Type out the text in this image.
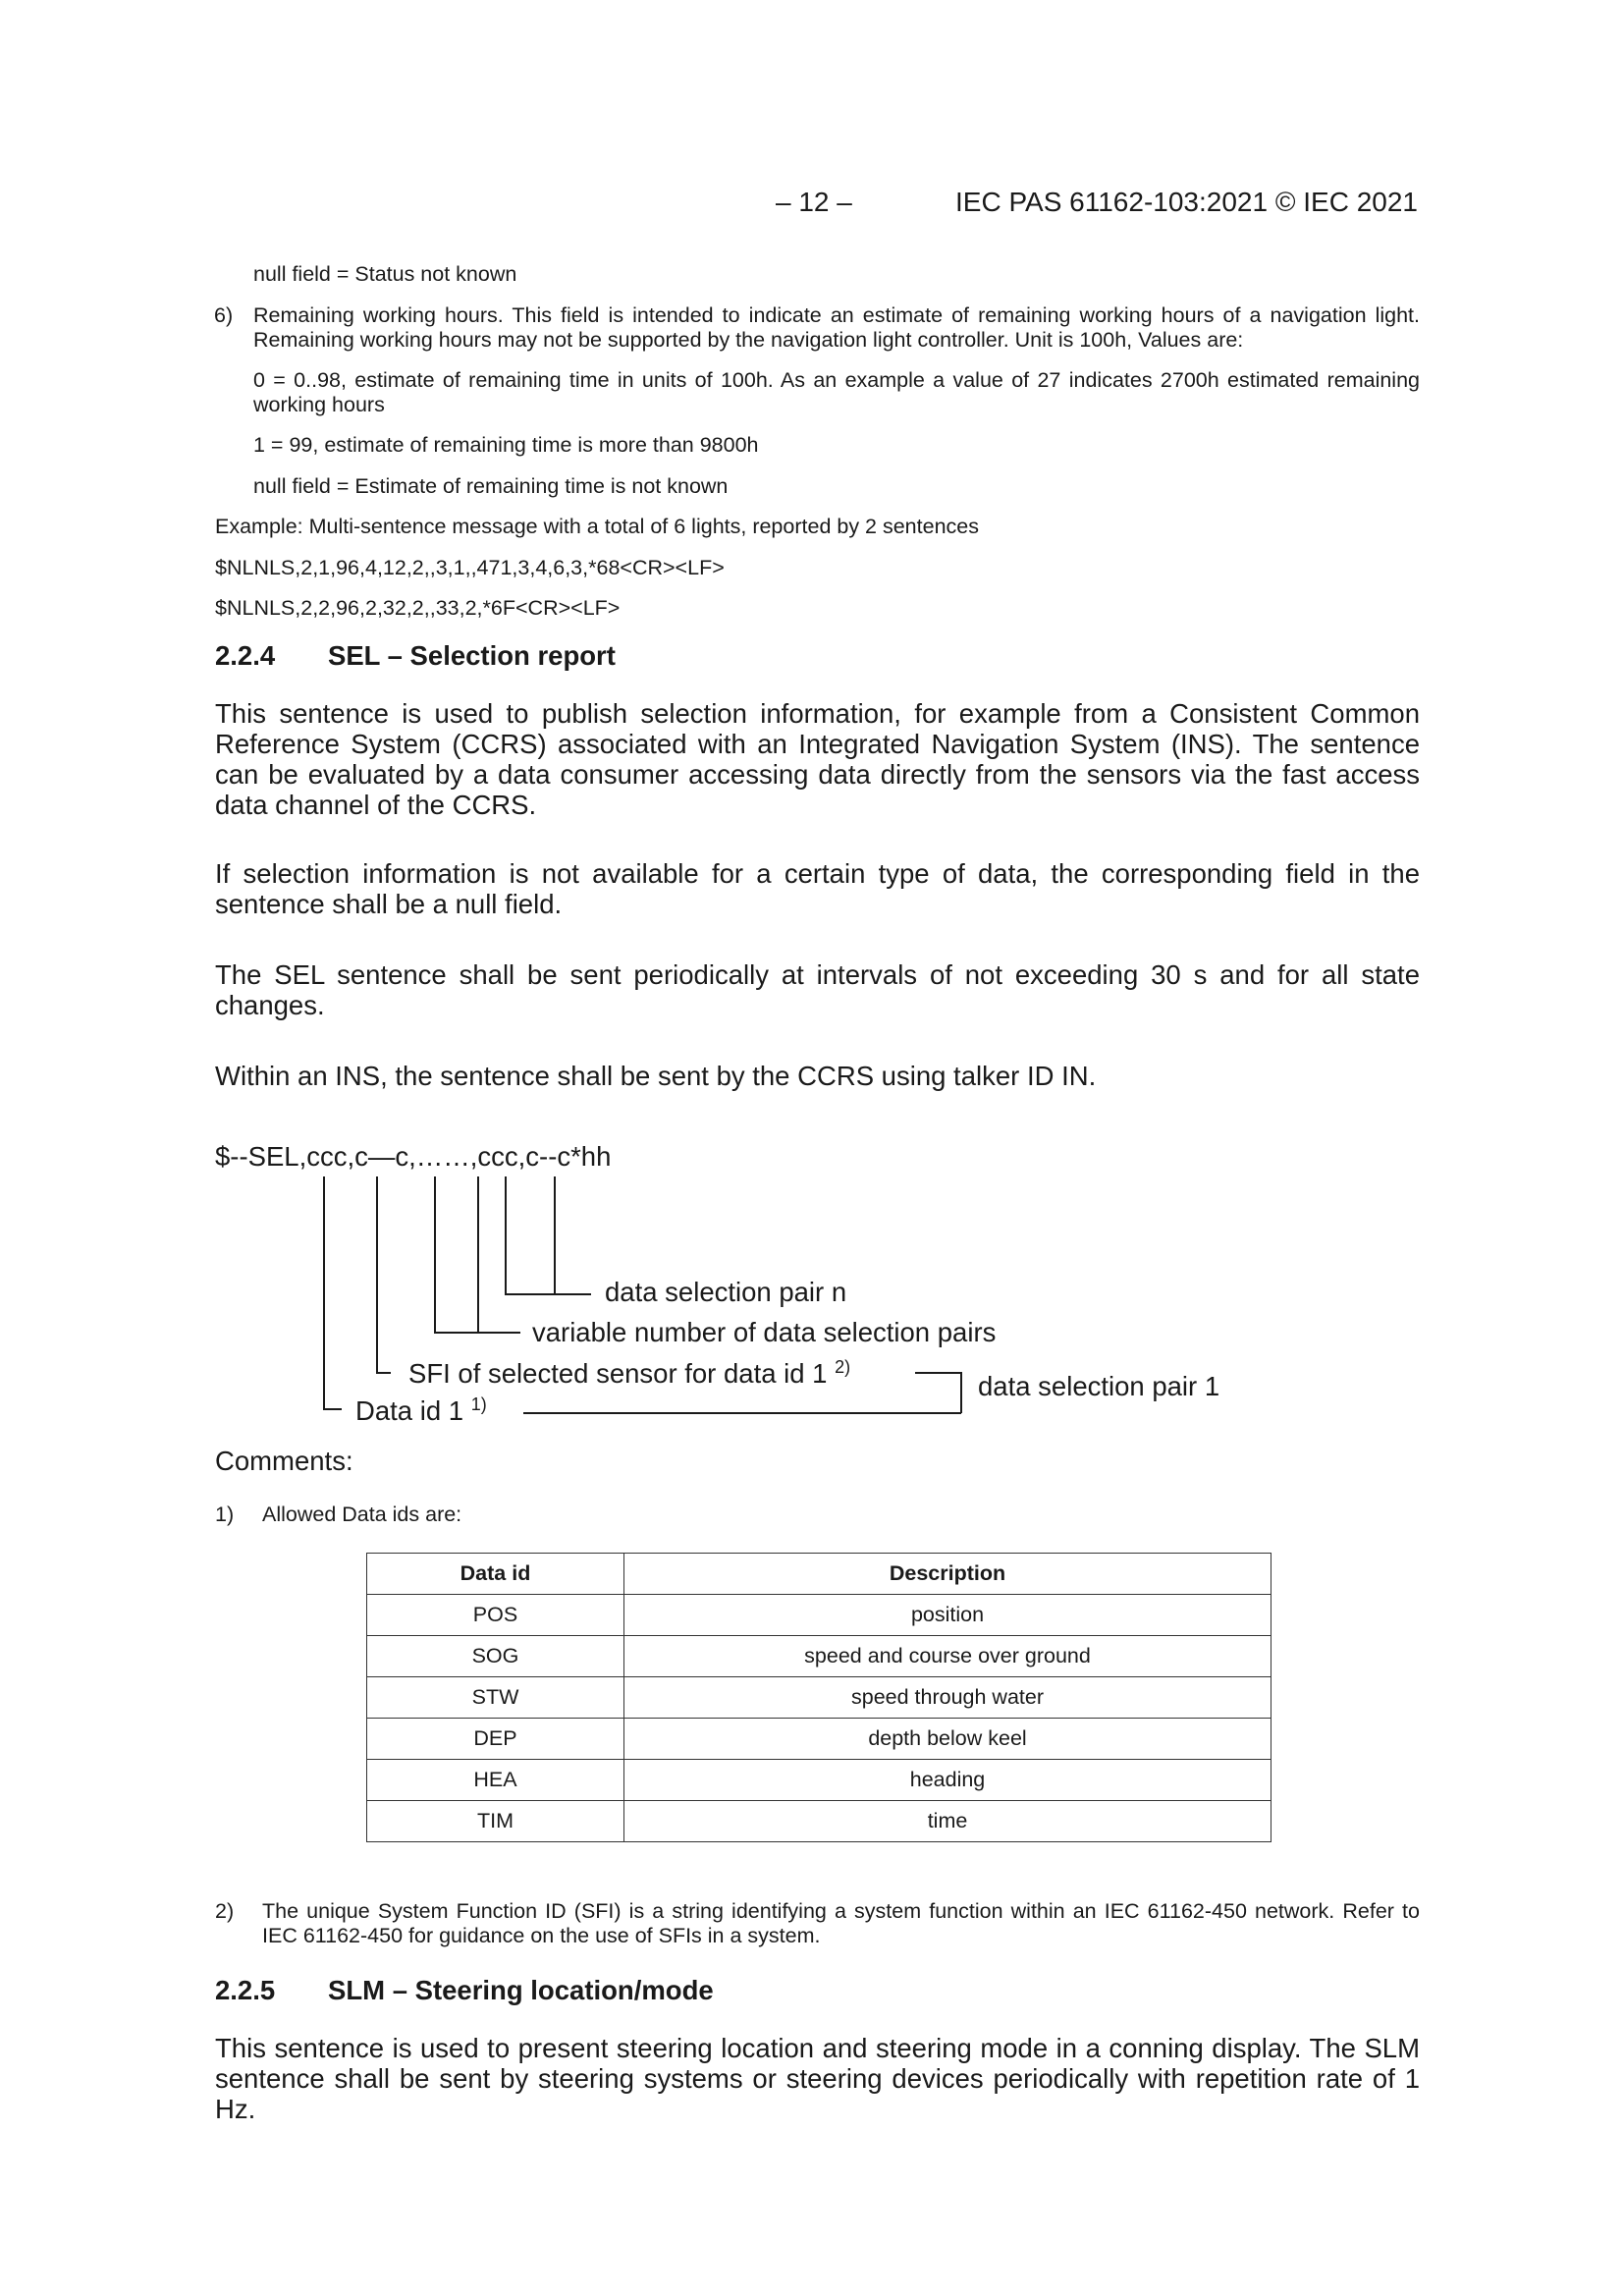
– 12 –	IEC PAS 61162-103:2021 © IEC 2021
null field = Status not known
6) Remaining working hours. This field is intended to indicate an estimate of remaining working hours of a navigation light. Remaining working hours may not be supported by the navigation light controller. Unit is 100h, Values are:
0 = 0..98, estimate of remaining time in units of 100h. As an example a value of 27 indicates 2700h estimated remaining working hours
1 = 99, estimate of remaining time is more than 9800h
null field = Estimate of remaining time is not known
Example: Multi-sentence message with a total of 6 lights, reported by 2 sentences
$NLNLS,2,1,96,4,12,2,,3,1,,471,3,4,6,3,*68<CR><LF>
$NLNLS,2,2,96,2,32,2,,33,2,*6F<CR><LF>
2.2.4 SEL – Selection report
This sentence is used to publish selection information, for example from a Consistent Common Reference System (CCRS) associated with an Integrated Navigation System (INS). The sentence can be evaluated by a data consumer accessing data directly from the sensors via the fast access data channel of the CCRS.
If selection information is not available for a certain type of data, the corresponding field in the sentence shall be a null field.
The SEL sentence shall be sent periodically at intervals of not exceeding 30 s and for all state changes.
Within an INS, the sentence shall be sent by the CCRS using talker ID IN.
$--SEL,ccc,c—c,……,ccc,c--c*hh
data selection pair n
variable number of data selection pairs
SFI of selected sensor for data id 1 $^{2)}$
Data id 1 $^{1)}$
data selection pair 1
Comments:
1) Allowed Data ids are:
Data id	Description
POS	position
SOG	speed and course over ground
STW	speed through water
DEP	depth below keel
HEA	heading
TIM	time
2) The unique System Function ID (SFI) is a string identifying a system function within an IEC 61162-450 network. Refer to IEC 61162-450 for guidance on the use of SFIs in a system.
2.2.5 SLM – Steering location/mode
This sentence is used to present steering location and steering mode in a conning display. The SLM sentence shall be sent by steering systems or steering devices periodically with repetition rate of 1 Hz.
